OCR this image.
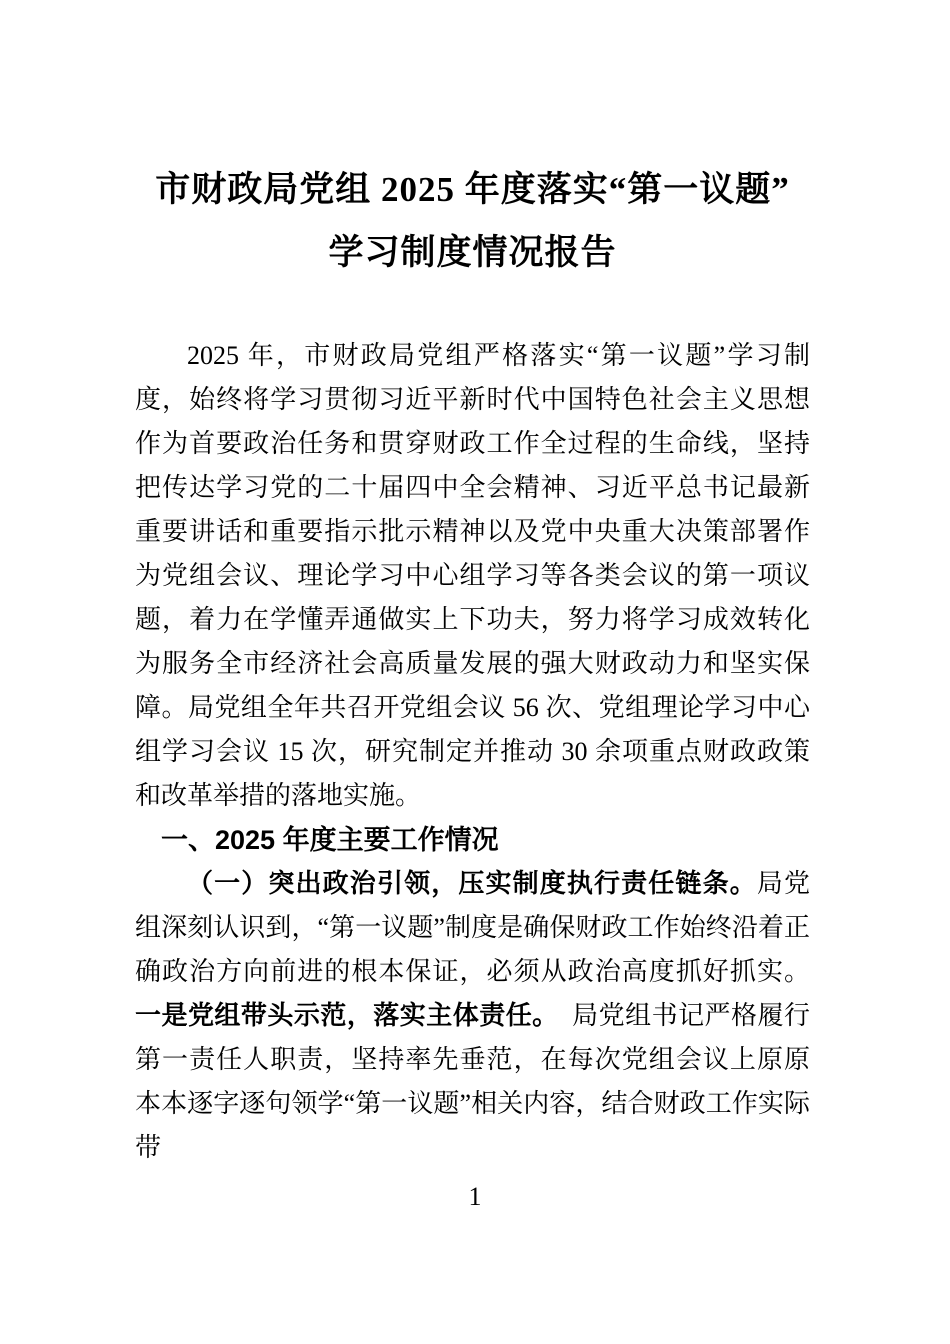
市财政局党组 2025 年度落实“第一议题”
学习制度情况报告

2025 年，市财政局党组严格落实“第一议题”学习制度，始终将学习贯彻习近平新时代中国特色社会主义思想作为首要政治任务和贯穿财政工作全过程的生命线，坚持把传达学习党的二十届四中全会精神、习近平总书记最新重要讲话和重要指示批示精神以及党中央重大决策部署作为党组会议、理论学习中心组学习等各类会议的第一项议题，着力在学懂弄通做实上下功夫，努力将学习成效转化为服务全市经济社会高质量发展的强大财政动力和坚实保障。局党组全年共召开党组会议 56 次、党组理论学习中心组学习会议 15 次，研究制定并推动 30 余项重点财政政策和改革举措的落地实施。

一、2025 年度主要工作情况

（一）突出政治引领，压实制度执行责任链条。局党组深刻认识到，“第一议题”制度是确保财政工作始终沿着正确政治方向前进的根本保证，必须从政治高度抓好抓实。一是党组带头示范，落实主体责任。　局党组书记严格履行第一责任人职责，坚持率先垂范，在每次党组会议上原原本本逐字逐句领学“第一议题”相关内容，结合财政工作实际带

1
